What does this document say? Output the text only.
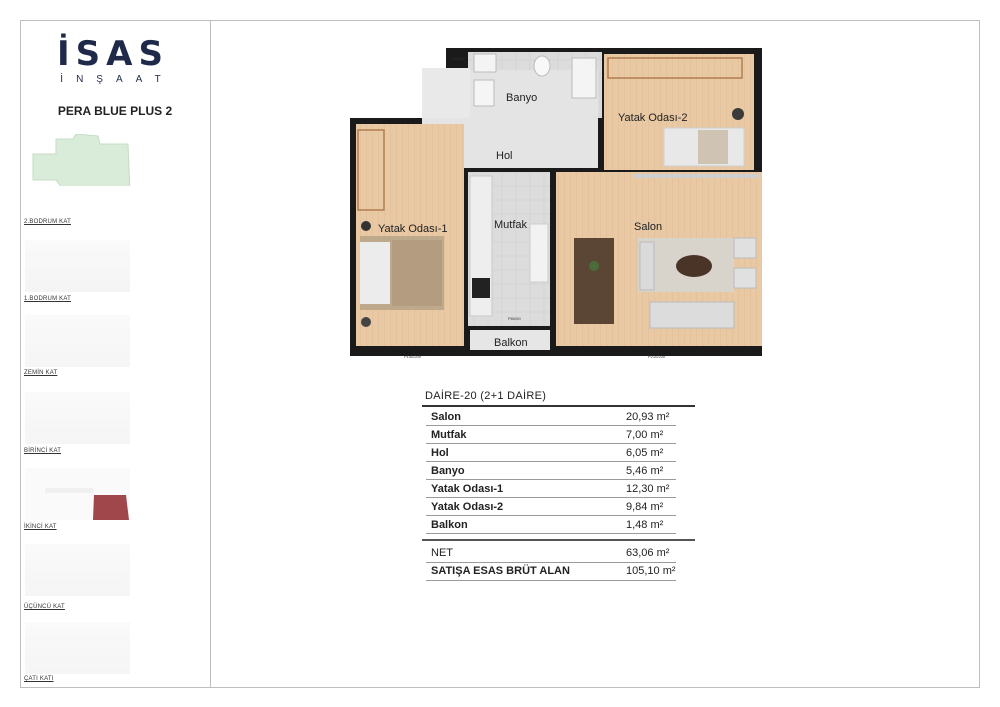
İSAS
İNŞAAT
PERA BLUE PLUS 2
2.BODRUM KAT
1.BODRUM KAT
ZEMİN KAT
BİRİNCİ KAT
İKİNCİ KAT
ÜÇÜNCÜ KAT
ÇATI KATI
Banyo
Yatak Odası-2
Hol
Yatak Odası-1	Mutfak	Salon
Balkon
P140/200	P210/200
P40/50
P80/50
DAİRE-20 (2+1 DAİRE)
Salon	20,93 m²
Mutfak	7,00 m²
Hol	6,05 m²
Banyo	5,46 m²
Yatak Odası-1	12,30 m²
Yatak Odası-2	9,84 m²
Balkon	1,48 m²
NET	63,06 m²
SATIŞA ESAS BRÜT ALAN	105,10 m²
